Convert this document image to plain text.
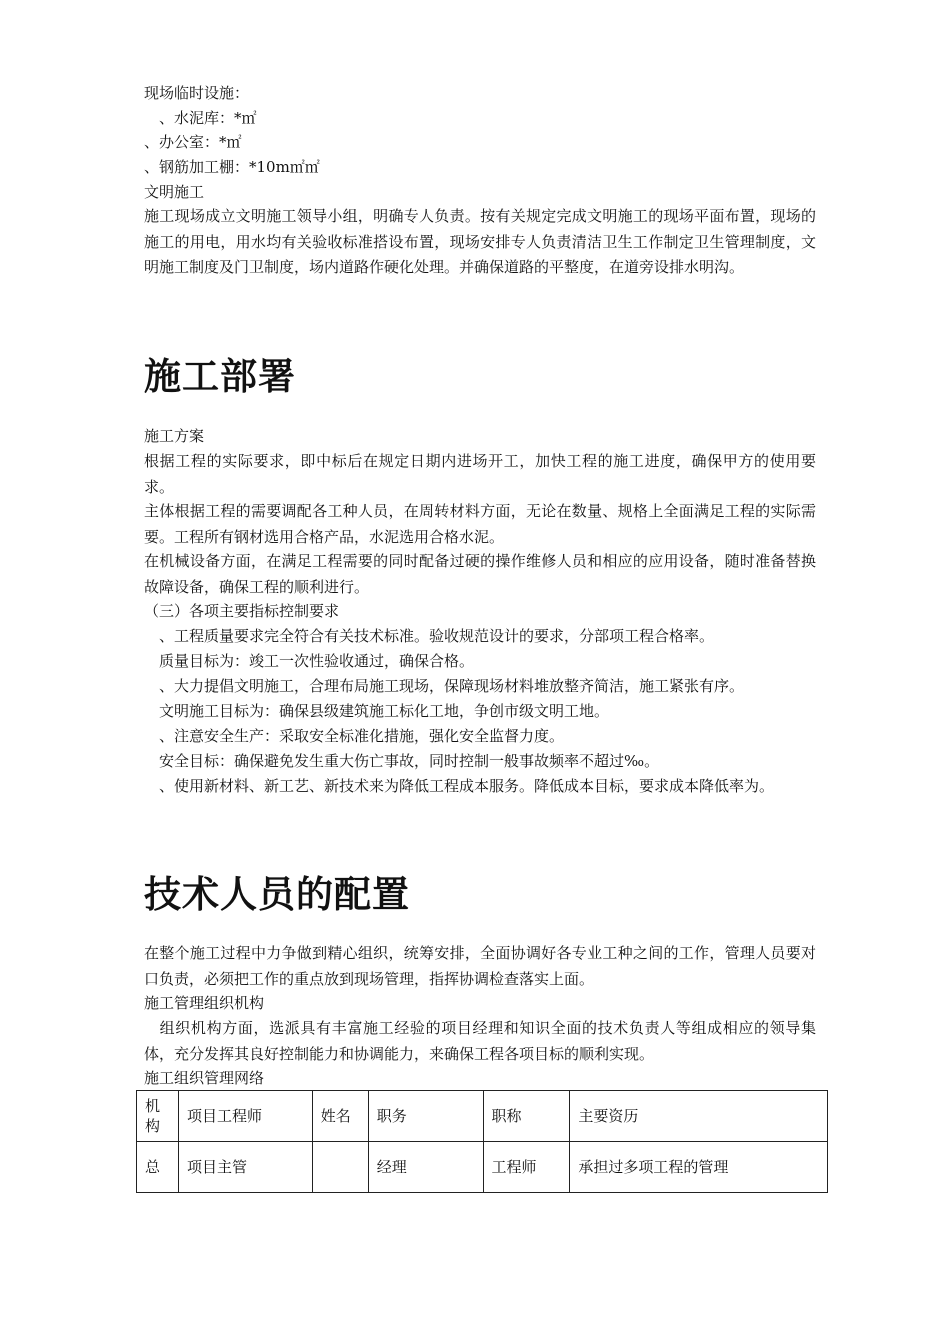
现场临时设施：

　、水泥库：*㎡

、办公室：*㎡

、钢筋加工棚：*10m㎡㎡

文明施工

施工现场成立文明施工领导小组，明确专人负责。按有关规定完成文明施工的现场平面布置，现场的施工的用电，用水均有关验收标准搭设布置，现场安排专人负责清洁卫生工作制定卫生管理制度，文明施工制度及门卫制度，场内道路作硬化处理。并确保道路的平整度，在道旁设排水明沟。

施工部署

施工方案

根据工程的实际要求，即中标后在规定日期内进场开工，加快工程的施工进度，确保甲方的使用要求。

主体根据工程的需要调配各工种人员，在周转材料方面，无论在数量、规格上全面满足工程的实际需要。工程所有钢材选用合格产品，水泥选用合格水泥。

在机械设备方面，在满足工程需要的同时配备过硬的操作维修人员和相应的应用设备，随时准备替换故障设备，确保工程的顺利进行。

（三）各项主要指标控制要求

　、工程质量要求完全符合有关技术标准。验收规范设计的要求，分部项工程合格率。

　质量目标为：竣工一次性验收通过，确保合格。

　、大力提倡文明施工，合理布局施工现场，保障现场材料堆放整齐简洁，施工紧张有序。

　文明施工目标为：确保县级建筑施工标化工地，争创市级文明工地。

　、注意安全生产：采取安全标准化措施，强化安全监督力度。

　安全目标：确保避免发生重大伤亡事故，同时控制一般事故频率不超过‰。

　、使用新材料、新工艺、新技术来为降低工程成本服务。降低成本目标，要求成本降低率为。

技术人员的配置

在整个施工过程中力争做到精心组织，统筹安排，全面协调好各专业工种之间的工作，管理人员要对口负责，必须把工作的重点放到现场管理，指挥协调检查落实上面。

施工管理组织机构

　组织机构方面，选派具有丰富施工经验的项目经理和知识全面的技术负责人等组成相应的领导集体，充分发挥其良好控制能力和协调能力，来确保工程各项目标的顺利实现。

施工组织管理网络

机构	项目工程师	姓名	职务	职称	主要资历
总	项目主管		经理	工程师	承担过多项工程的管理
